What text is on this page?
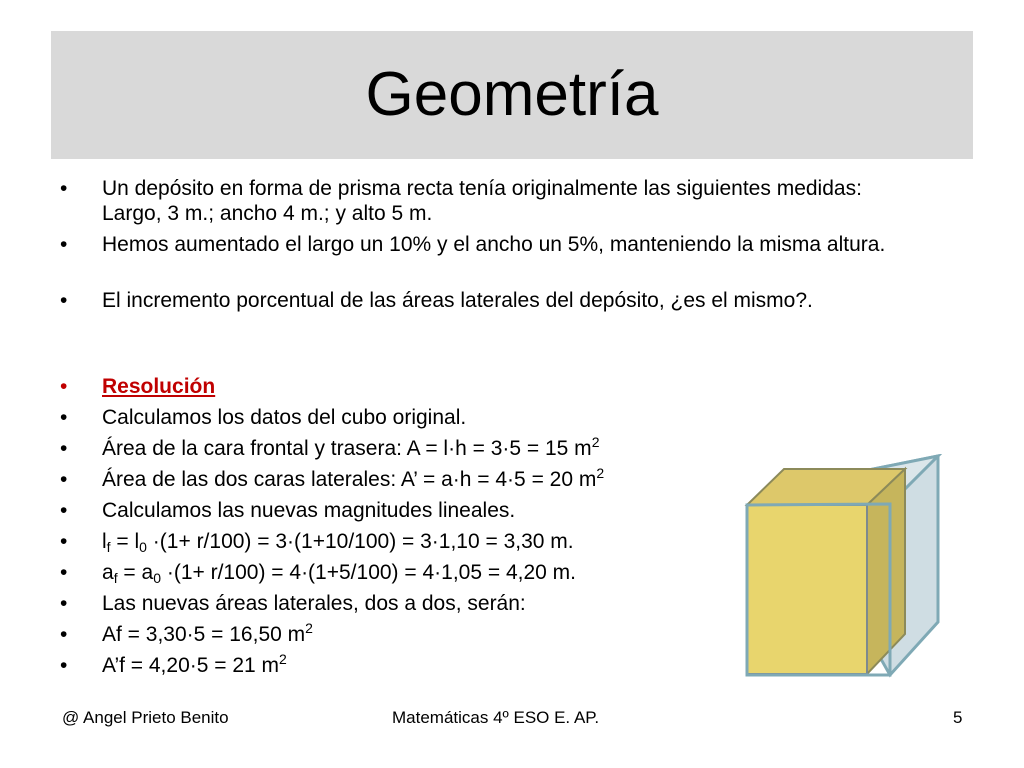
Geometría
• Un depósito en forma de prisma recta tenía originalmente las siguientes medidas: Largo, 3 m.; ancho 4 m.; y alto 5 m.
• Hemos aumentado el largo un 10% y el ancho un 5%, manteniendo la misma altura.
• El incremento porcentual de las áreas laterales del depósito, ¿es el mismo?.
• Resolución
• Calculamos los datos del cubo original.
• Área de la cara frontal y trasera: A = l·h = 3·5 = 15 $m^2$
• Área de las dos caras laterales: A’ = a·h = 4·5 = 20 $m^2$
• Calculamos las nuevas magnitudes lineales.
• $l_f = l_0 \cdot(1+ r/100) = 3\cdot(1+10/100) = 3\cdot 1,10 = 3,30$ m.
• $a_f = a_0 \cdot(1+ r/100) = 4\cdot(1+5/100) = 4\cdot 1,05 = 4,20$ m.
• Las nuevas áreas laterales, dos a dos, serán:
• Af = 3,30·5 = 16,50 $m^2$
• A’f = 4,20·5 = 21 $m^2$
@ Angel Prieto Benito	Matemáticas 4º ESO E. AP.	5
